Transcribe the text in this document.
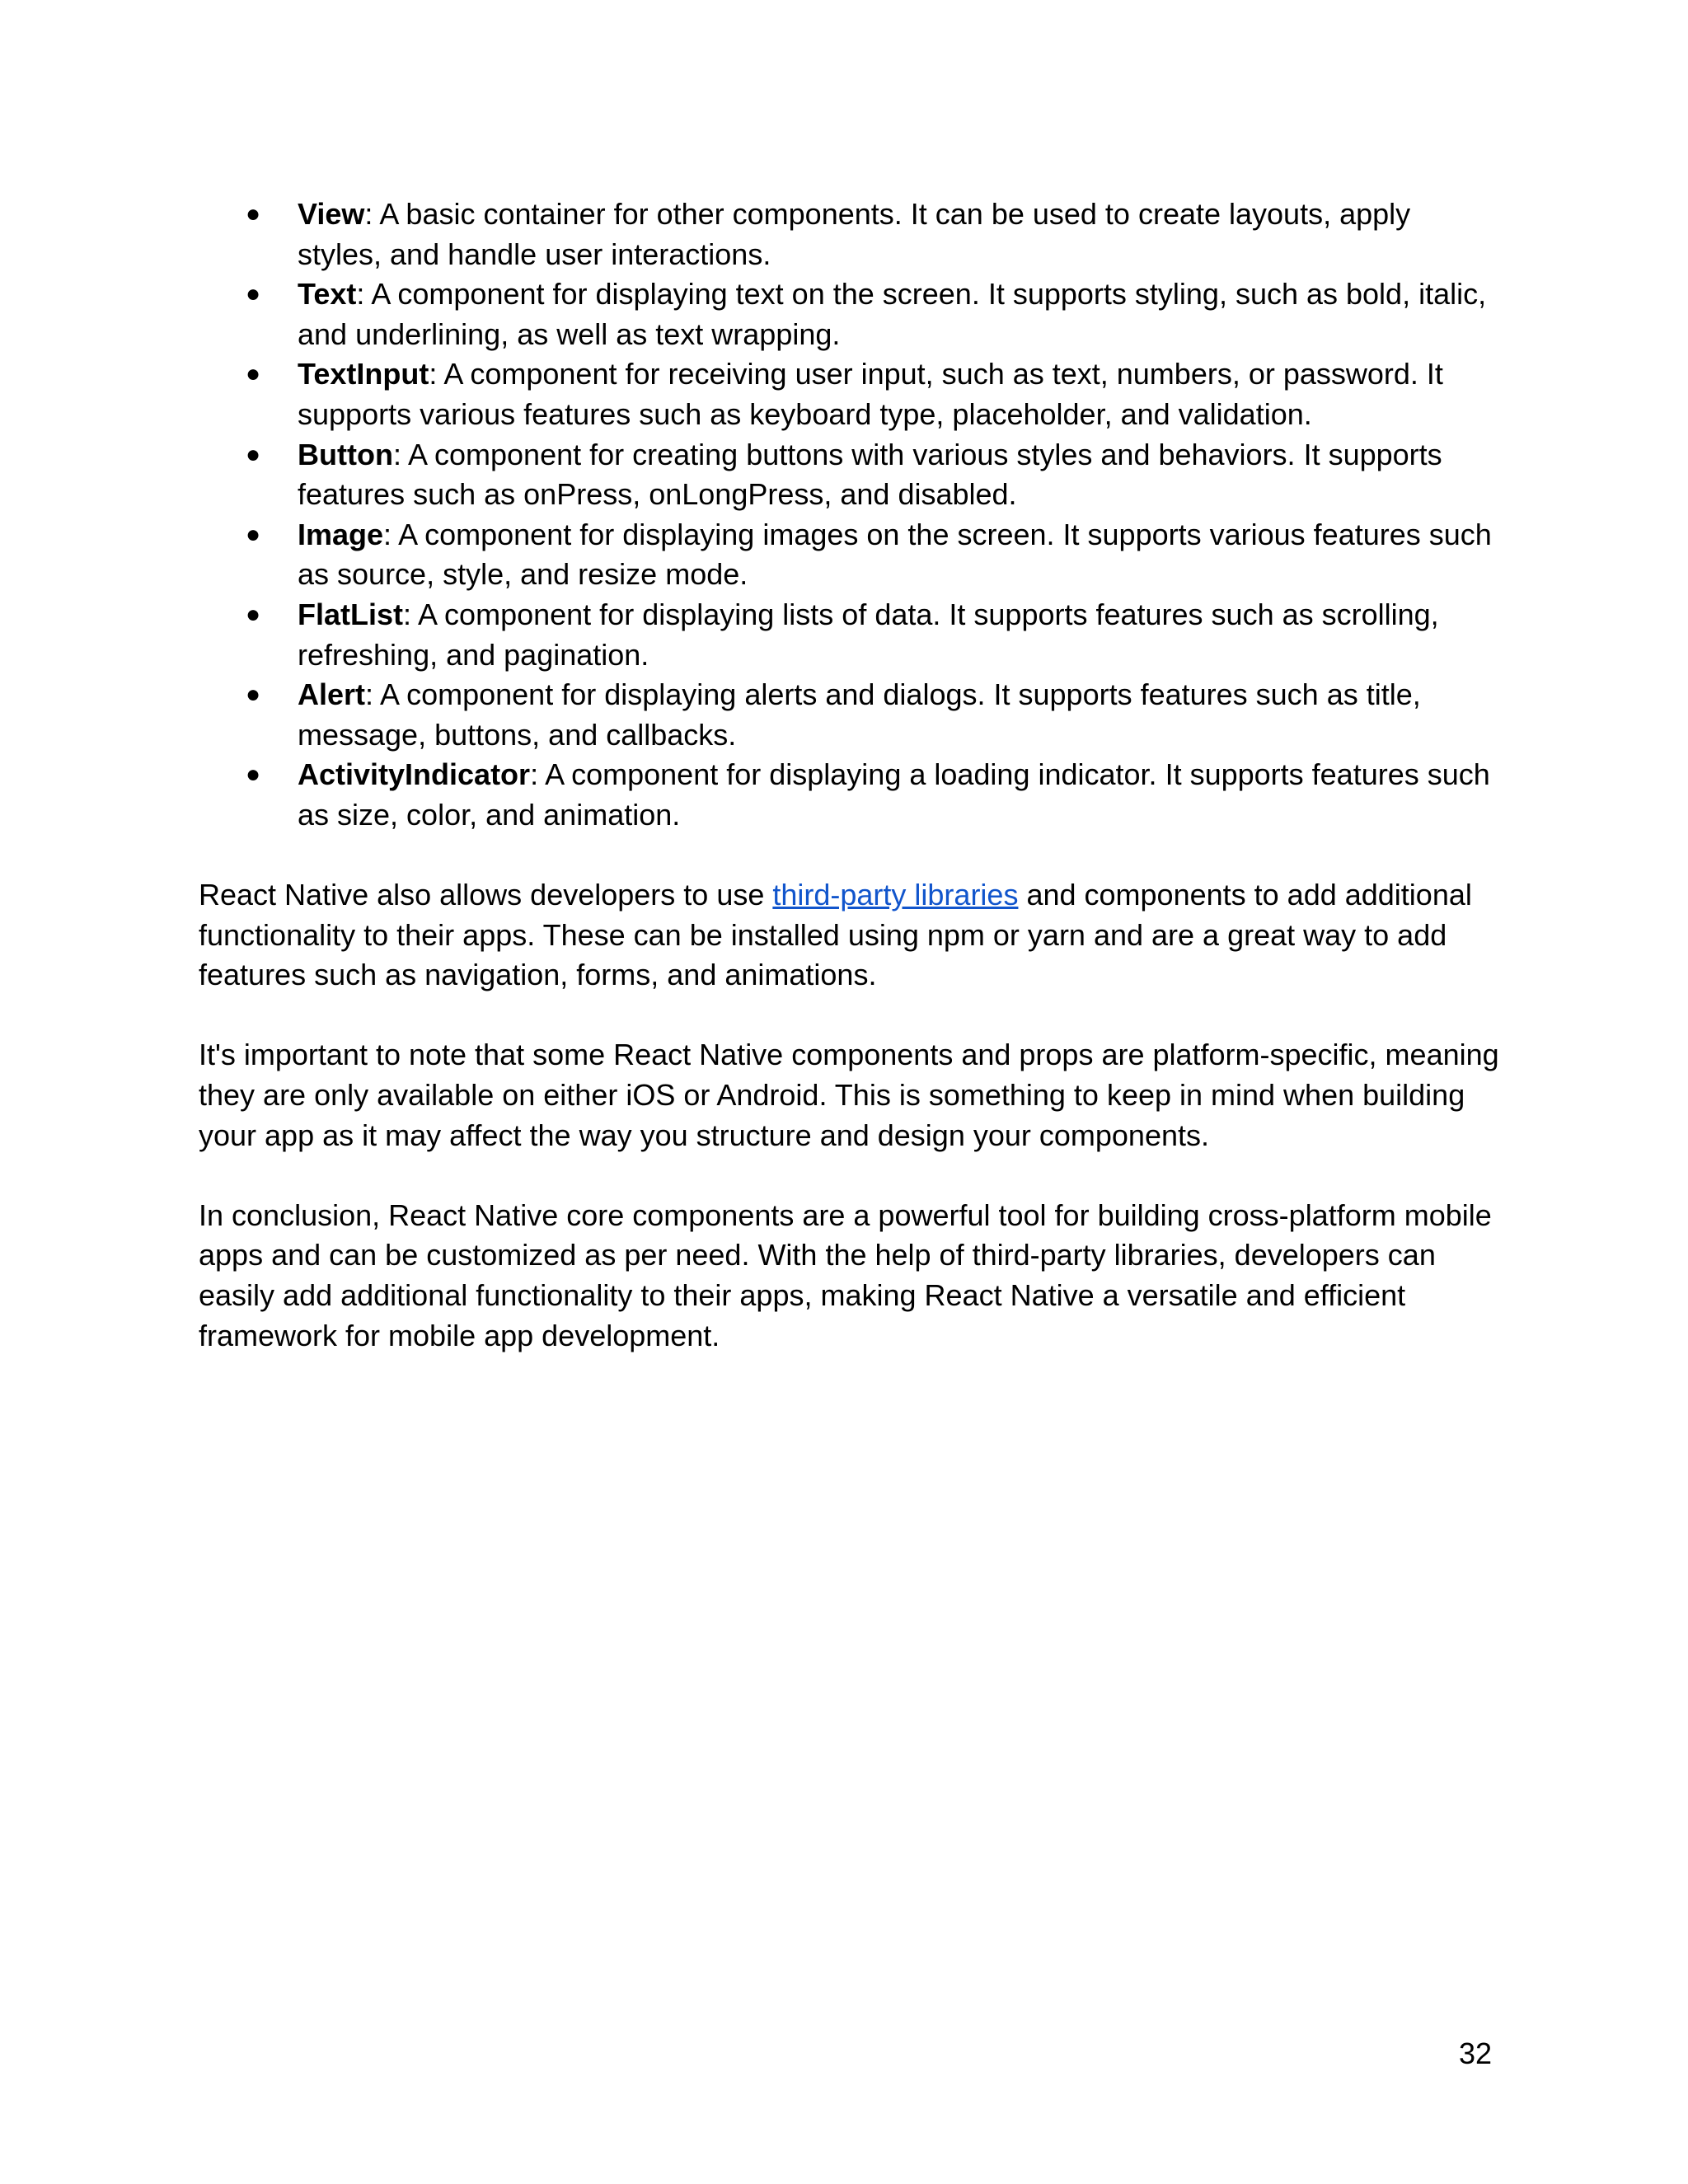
● View: A basic container for other components. It can be used to create layouts, apply styles, and handle user interactions.
● Text: A component for displaying text on the screen. It supports styling, such as bold, italic, and underlining, as well as text wrapping.
● TextInput: A component for receiving user input, such as text, numbers, or password. It supports various features such as keyboard type, placeholder, and validation.
● Button: A component for creating buttons with various styles and behaviors. It supports features such as onPress, onLongPress, and disabled.
● Image: A component for displaying images on the screen. It supports various features such as source, style, and resize mode.
● FlatList: A component for displaying lists of data. It supports features such as scrolling, refreshing, and pagination.
● Alert: A component for displaying alerts and dialogs. It supports features such as title, message, buttons, and callbacks.
● ActivityIndicator: A component for displaying a loading indicator. It supports features such as size, color, and animation.

React Native also allows developers to use third-party libraries and components to add additional functionality to their apps. These can be installed using npm or yarn and are a great way to add features such as navigation, forms, and animations.

It's important to note that some React Native components and props are platform-specific, meaning they are only available on either iOS or Android. This is something to keep in mind when building your app as it may affect the way you structure and design your components.

In conclusion, React Native core components are a powerful tool for building cross-platform mobile apps and can be customized as per need. With the help of third-party libraries, developers can easily add additional functionality to their apps, making React Native a versatile and efficient framework for mobile app development.

32
